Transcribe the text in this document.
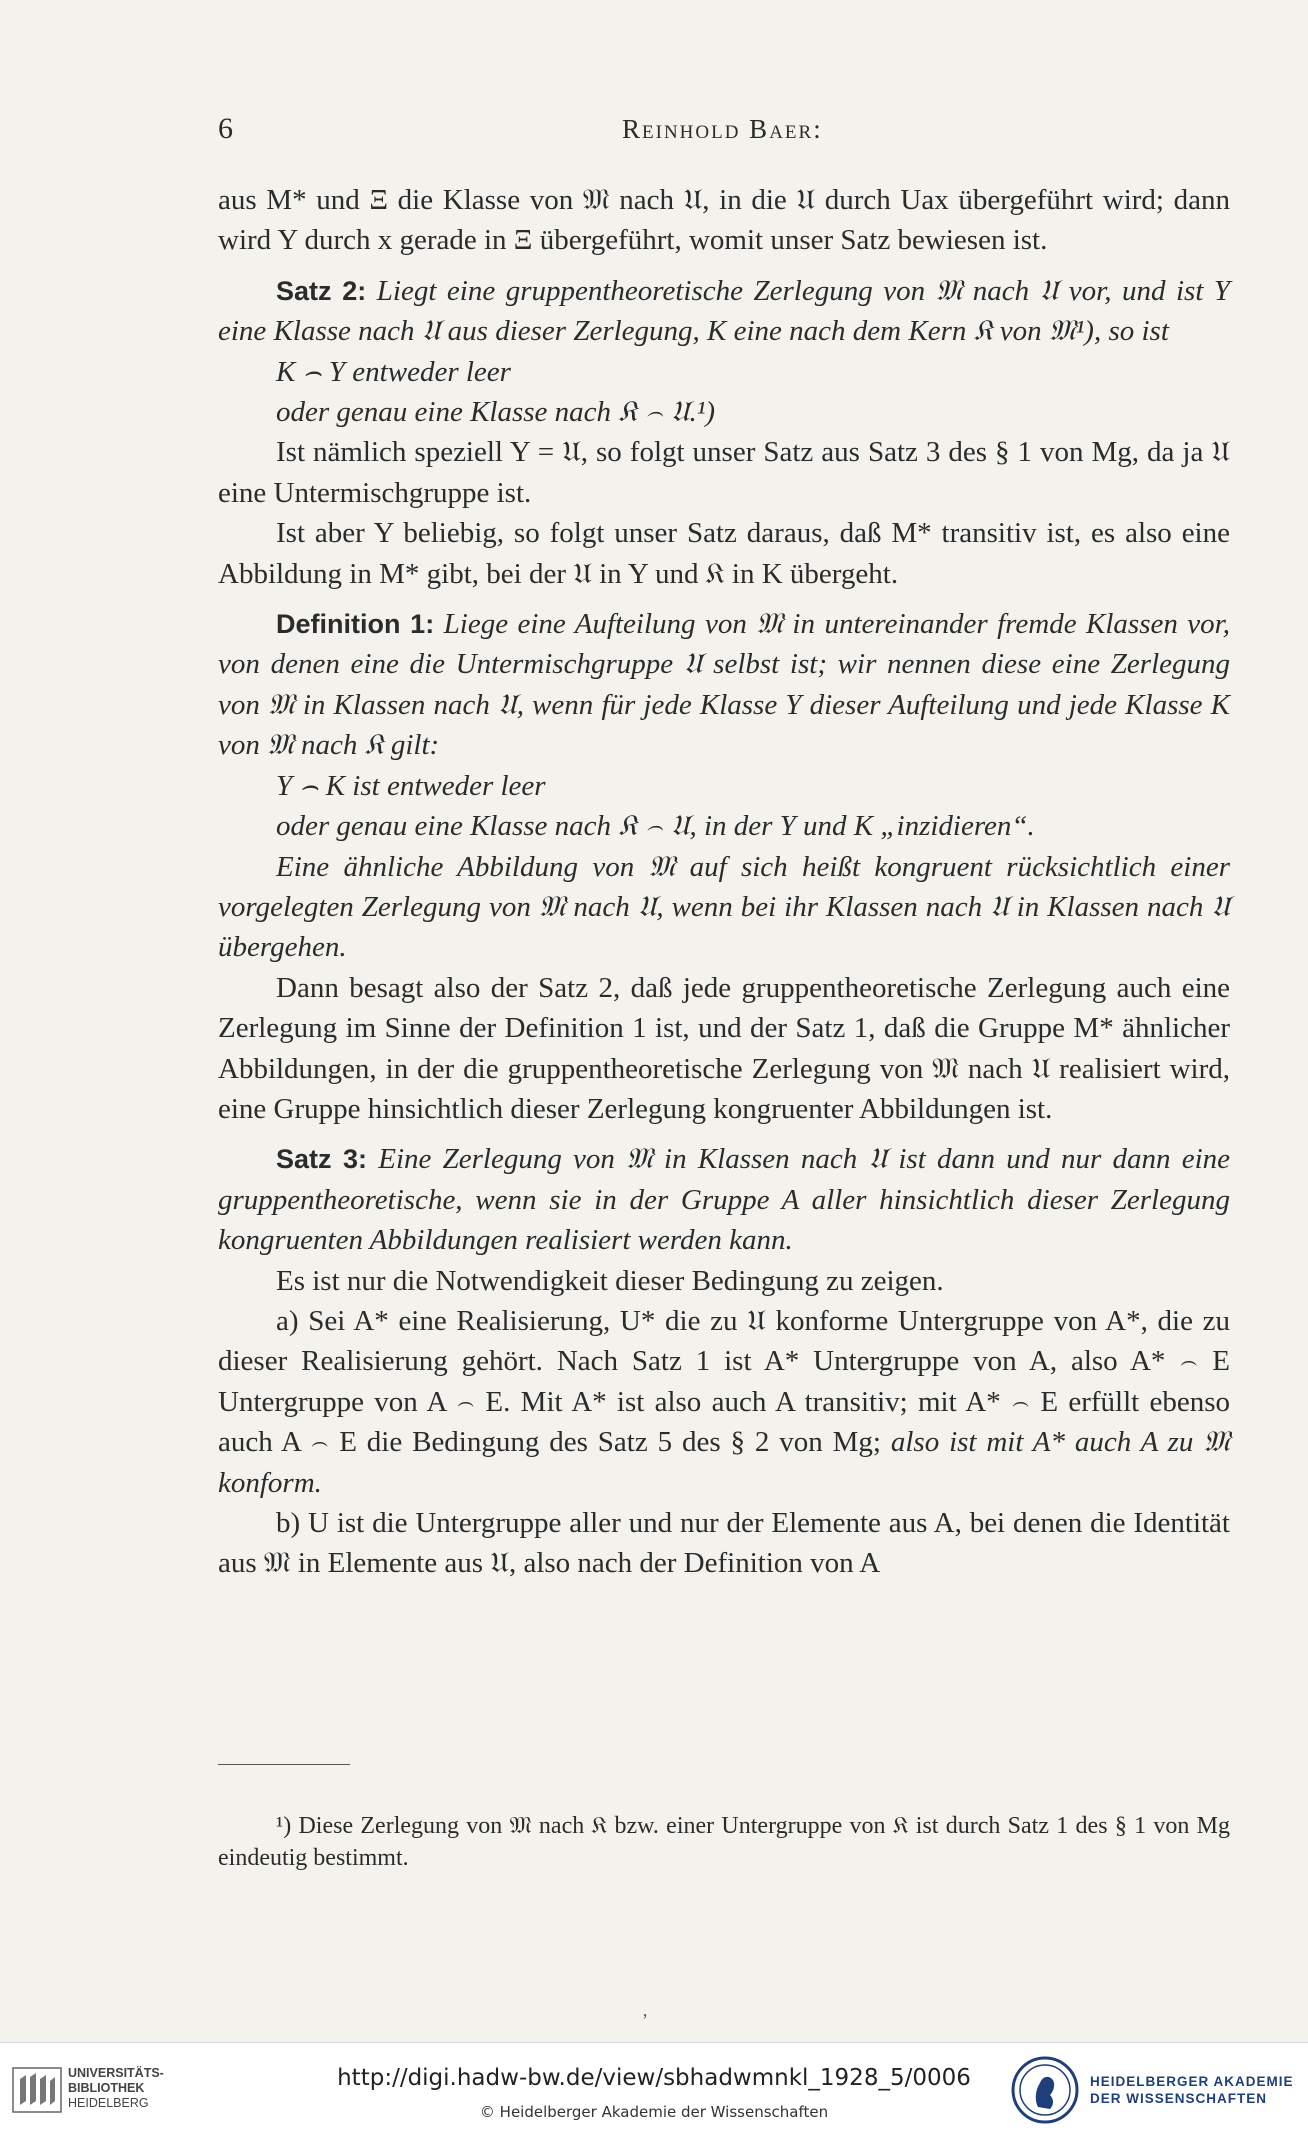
6	Reinhold Baer:

aus M* und Ξ die Klasse von 𝔐 nach 𝔘, in die 𝔘 durch Uax übergeführt wird; dann wird Y durch x gerade in Ξ übergeführt, womit unser Satz bewiesen ist.

Satz 2: Liegt eine gruppentheoretische Zerlegung von 𝔐 nach 𝔘 vor, und ist Y eine Klasse nach 𝔘 aus dieser Zerlegung, K eine nach dem Kern 𝔎 von 𝔐¹), so ist

K ⌢ Y entweder leer

oder genau eine Klasse nach 𝔎 ⌢ 𝔘.¹)

Ist nämlich speziell Y = 𝔘, so folgt unser Satz aus Satz 3 des § 1 von Mg, da ja 𝔘 eine Untermischgruppe ist.

Ist aber Y beliebig, so folgt unser Satz daraus, daß M* transitiv ist, es also eine Abbildung in M* gibt, bei der 𝔘 in Y und 𝔎 in K übergeht.

Definition 1: Liege eine Aufteilung von 𝔐 in untereinander fremde Klassen vor, von denen eine die Untermischgruppe 𝔘 selbst ist; wir nennen diese eine Zerlegung von 𝔐 in Klassen nach 𝔘, wenn für jede Klasse Y dieser Aufteilung und jede Klasse K von 𝔐 nach 𝔎 gilt:

Y ⌢ K ist entweder leer

oder genau eine Klasse nach 𝔎 ⌢ 𝔘, in der Y und K „inzidieren“.

Eine ähnliche Abbildung von 𝔐 auf sich heißt kongruent rücksichtlich einer vorgelegten Zerlegung von 𝔐 nach 𝔘, wenn bei ihr Klassen nach 𝔘 in Klassen nach 𝔘 übergehen.

Dann besagt also der Satz 2, daß jede gruppentheoretische Zerlegung auch eine Zerlegung im Sinne der Definition 1 ist, und der Satz 1, daß die Gruppe M* ähnlicher Abbildungen, in der die gruppentheoretische Zerlegung von 𝔐 nach 𝔘 realisiert wird, eine Gruppe hinsichtlich dieser Zerlegung kongruenter Abbildungen ist.

Satz 3: Eine Zerlegung von 𝔐 in Klassen nach 𝔘 ist dann und nur dann eine gruppentheoretische, wenn sie in der Gruppe A aller hinsichtlich dieser Zerlegung kongruenten Abbildungen realisiert werden kann.

Es ist nur die Notwendigkeit dieser Bedingung zu zeigen.

a) Sei A* eine Realisierung, U* die zu 𝔘 konforme Untergruppe von A*, die zu dieser Realisierung gehört. Nach Satz 1 ist A* Untergruppe von A, also A* ⌢ E Untergruppe von A ⌢ E. Mit A* ist also auch A transitiv; mit A* ⌢ E erfüllt ebenso auch A ⌢ E die Bedingung des Satz 5 des § 2 von Mg; also ist mit A* auch A zu 𝔐 konform.

b) U ist die Untergruppe aller und nur der Elemente aus A, bei denen die Identität aus 𝔐 in Elemente aus 𝔘, also nach der Definition von A

¹) Diese Zerlegung von 𝔐 nach 𝔎 bzw. einer Untergruppe von 𝔎 ist durch Satz 1 des § 1 von Mg eindeutig bestimmt.

‚
UNIVERSITÄTS-
BIBLIOTHEK
HEIDELBERG
http://digi.hadw-bw.de/view/sbhadwmnkl_1928_5/0006
© Heidelberger Akademie der Wissenschaften
HEIDELBERGER AKADEMIE
DER WISSENSCHAFTEN
